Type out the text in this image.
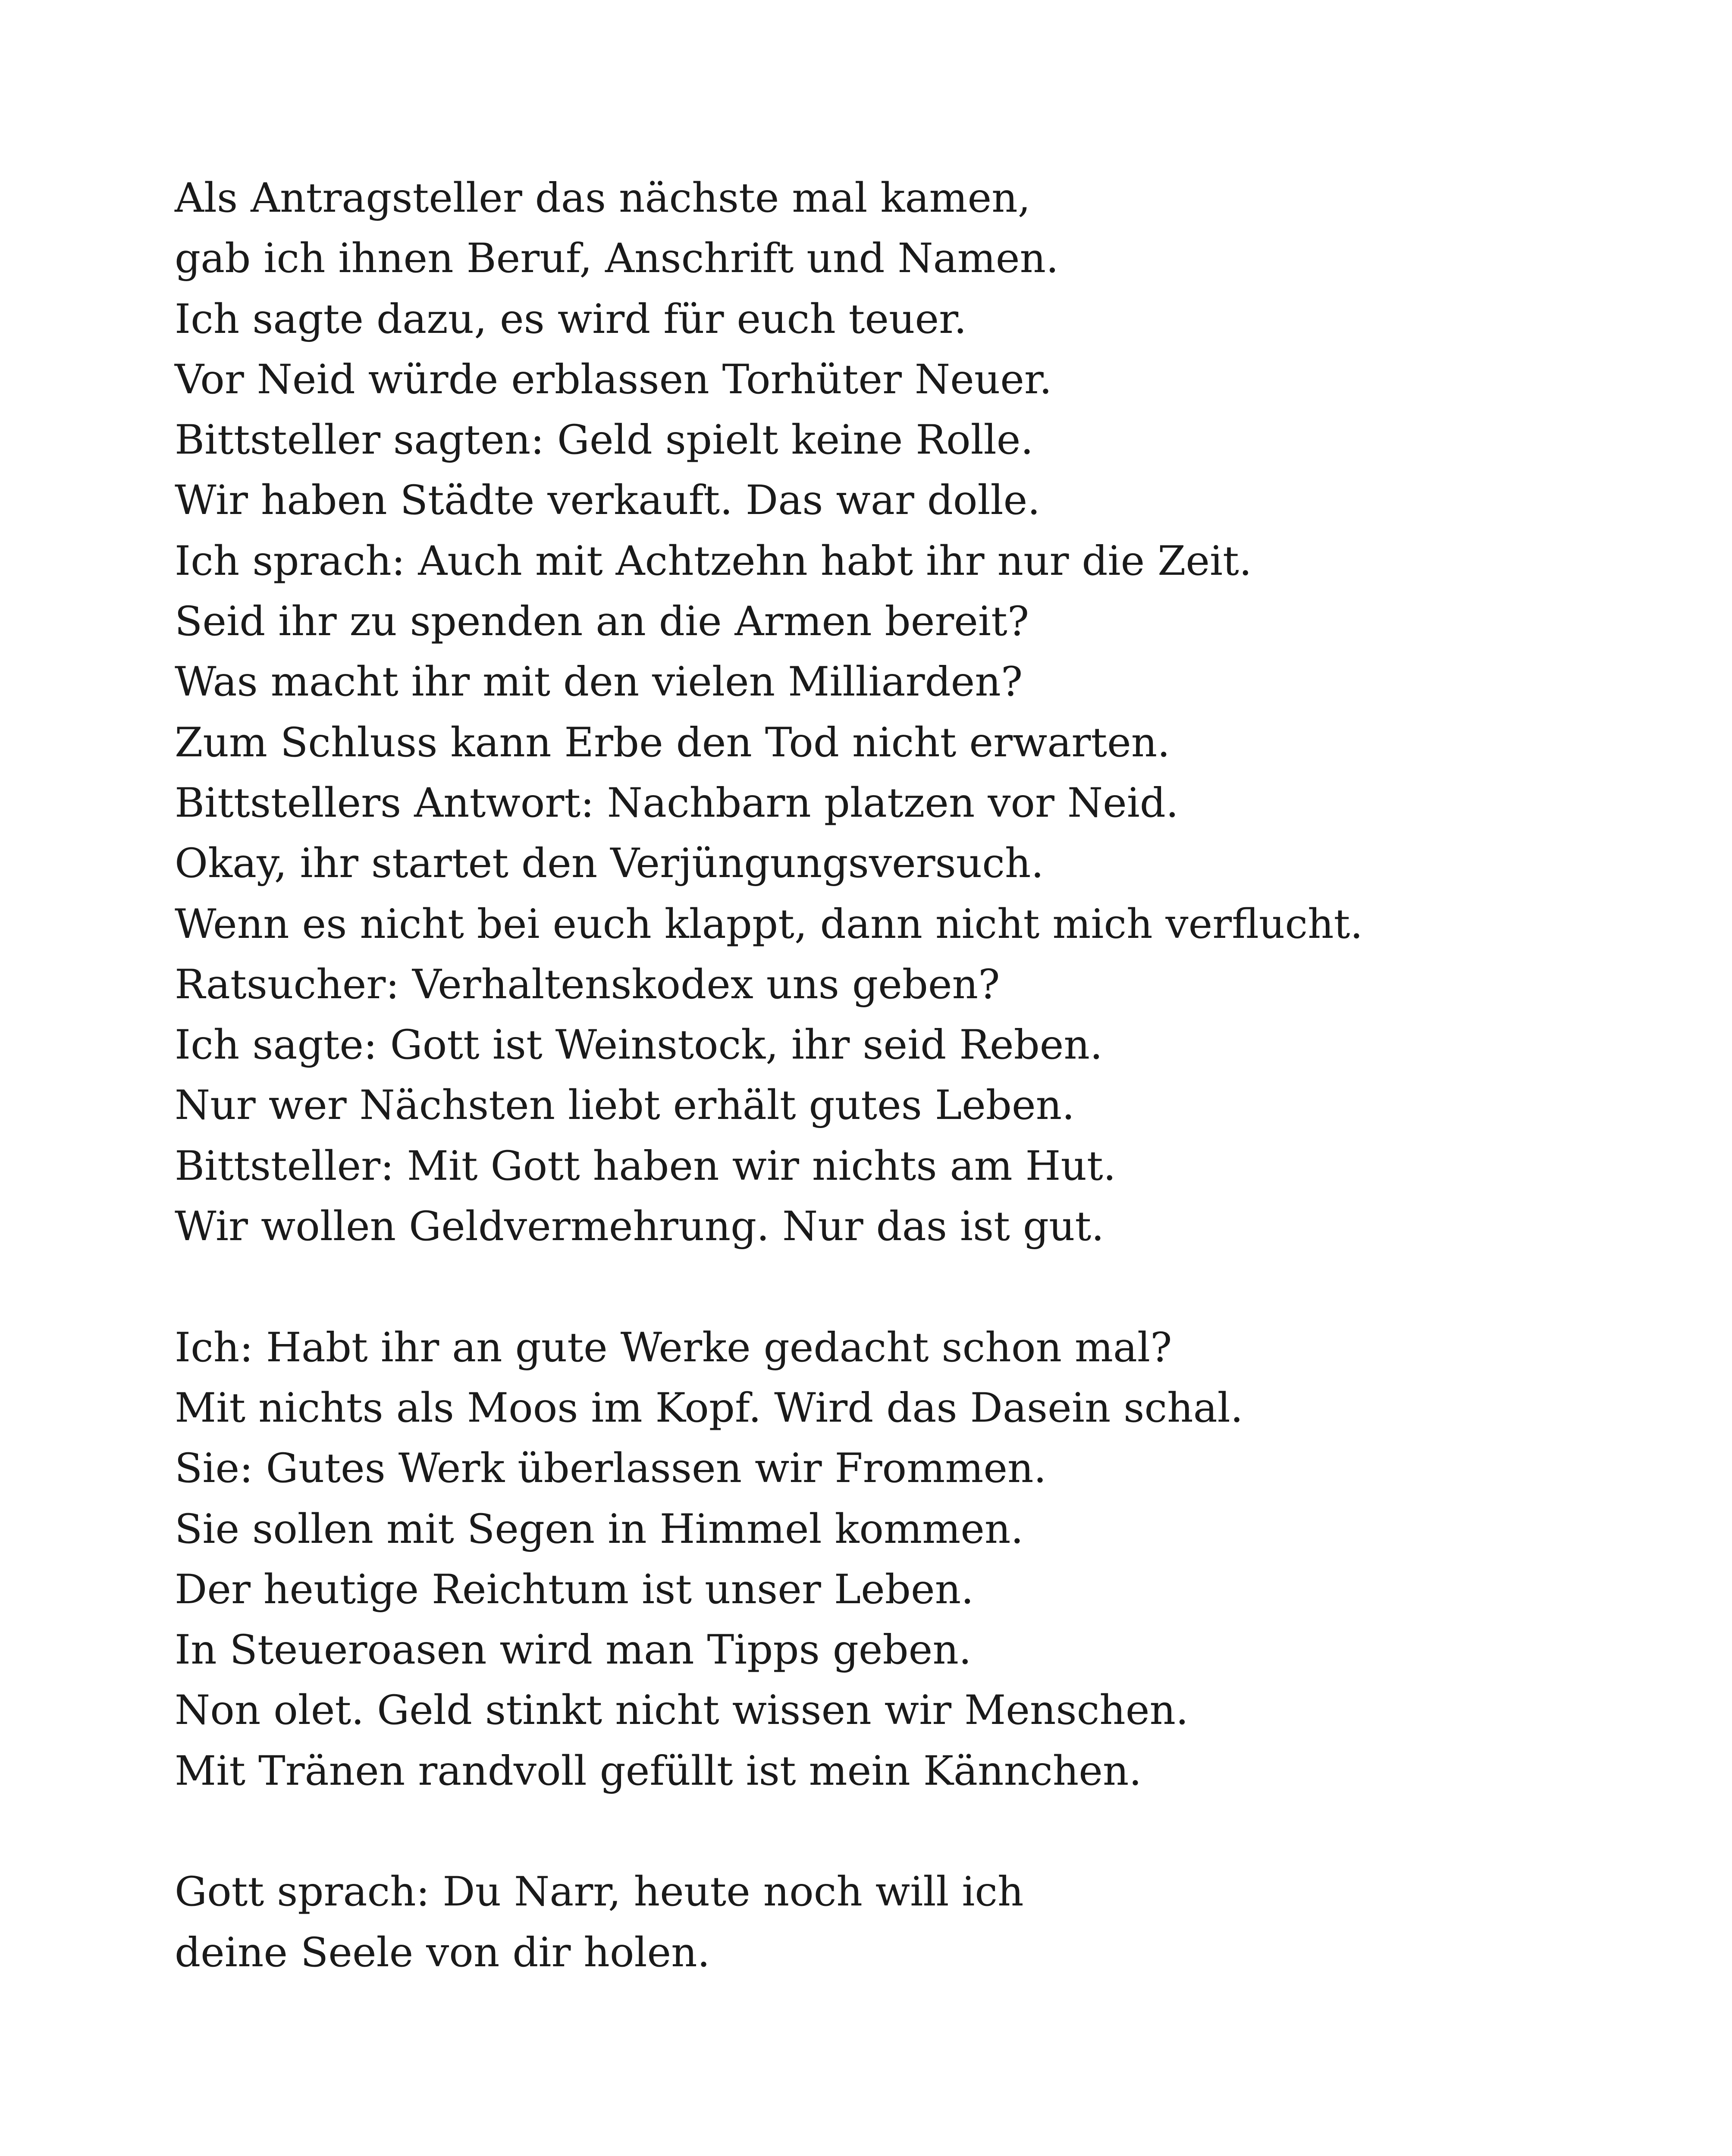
Als Antragsteller das nächste mal kamen,
gab ich ihnen Beruf, Anschrift und Namen.
Ich sagte dazu, es wird für euch teuer.
Vor Neid würde erblassen Torhüter Neuer.
Bittsteller sagten: Geld spielt keine Rolle.
Wir haben Städte verkauft. Das war dolle.
Ich sprach: Auch mit Achtzehn habt ihr nur die Zeit.
Seid ihr zu spenden an die Armen bereit?
Was macht ihr mit den vielen Milliarden?
Zum Schluss kann Erbe den Tod nicht erwarten.
Bittstellers Antwort: Nachbarn platzen vor Neid.
Okay, ihr startet den Verjüngungsversuch.
Wenn es nicht bei euch klappt, dann nicht mich verflucht.
Ratsucher: Verhaltenskodex uns geben?
Ich sagte: Gott ist Weinstock, ihr seid Reben.
Nur wer Nächsten liebt erhält gutes Leben.
Bittsteller: Mit Gott haben wir nichts am Hut.
Wir wollen Geldvermehrung. Nur das ist gut.
Ich: Habt ihr an gute Werke gedacht schon mal?
Mit nichts als Moos im Kopf. Wird das Dasein schal.
Sie: Gutes Werk überlassen wir Frommen.
Sie sollen mit Segen in Himmel kommen.
Der heutige Reichtum ist unser Leben.
In Steueroasen wird man Tipps geben.
Non olet. Geld stinkt nicht wissen wir Menschen.
Mit Tränen randvoll gefüllt ist mein Kännchen.
Gott sprach: Du Narr, heute noch will ich
deine Seele von dir holen.
